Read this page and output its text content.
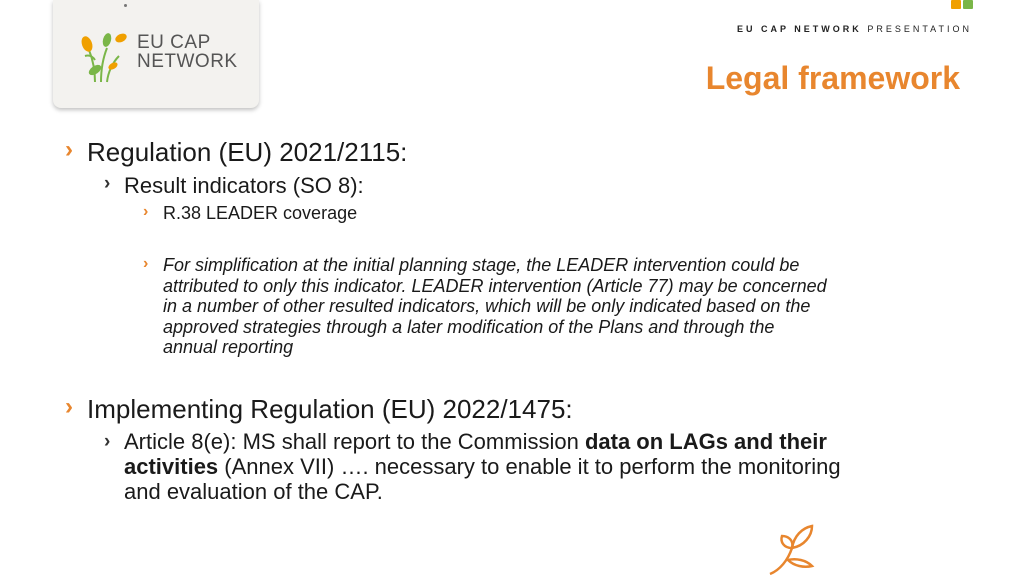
EU CAP
NETWORK
EU CAP NETWORK PRESENTATION
Legal framework
› Regulation (EU) 2021/2115:
› Result indicators (SO 8):
› R.38 LEADER coverage
› For simplification at the initial planning stage, the LEADER intervention could be
attributed to only this indicator. LEADER intervention (Article 77) may be concerned
in a number of other resulted indicators, which will be only indicated based on the
approved strategies through a later modification of the Plans and through the
annual reporting
› Implementing Regulation (EU) 2022/1475:
› Article 8(e): MS shall report to the Commission data on LAGs and their
activities (Annex VII) …. necessary to enable it to perform the monitoring
and evaluation of the CAP.
